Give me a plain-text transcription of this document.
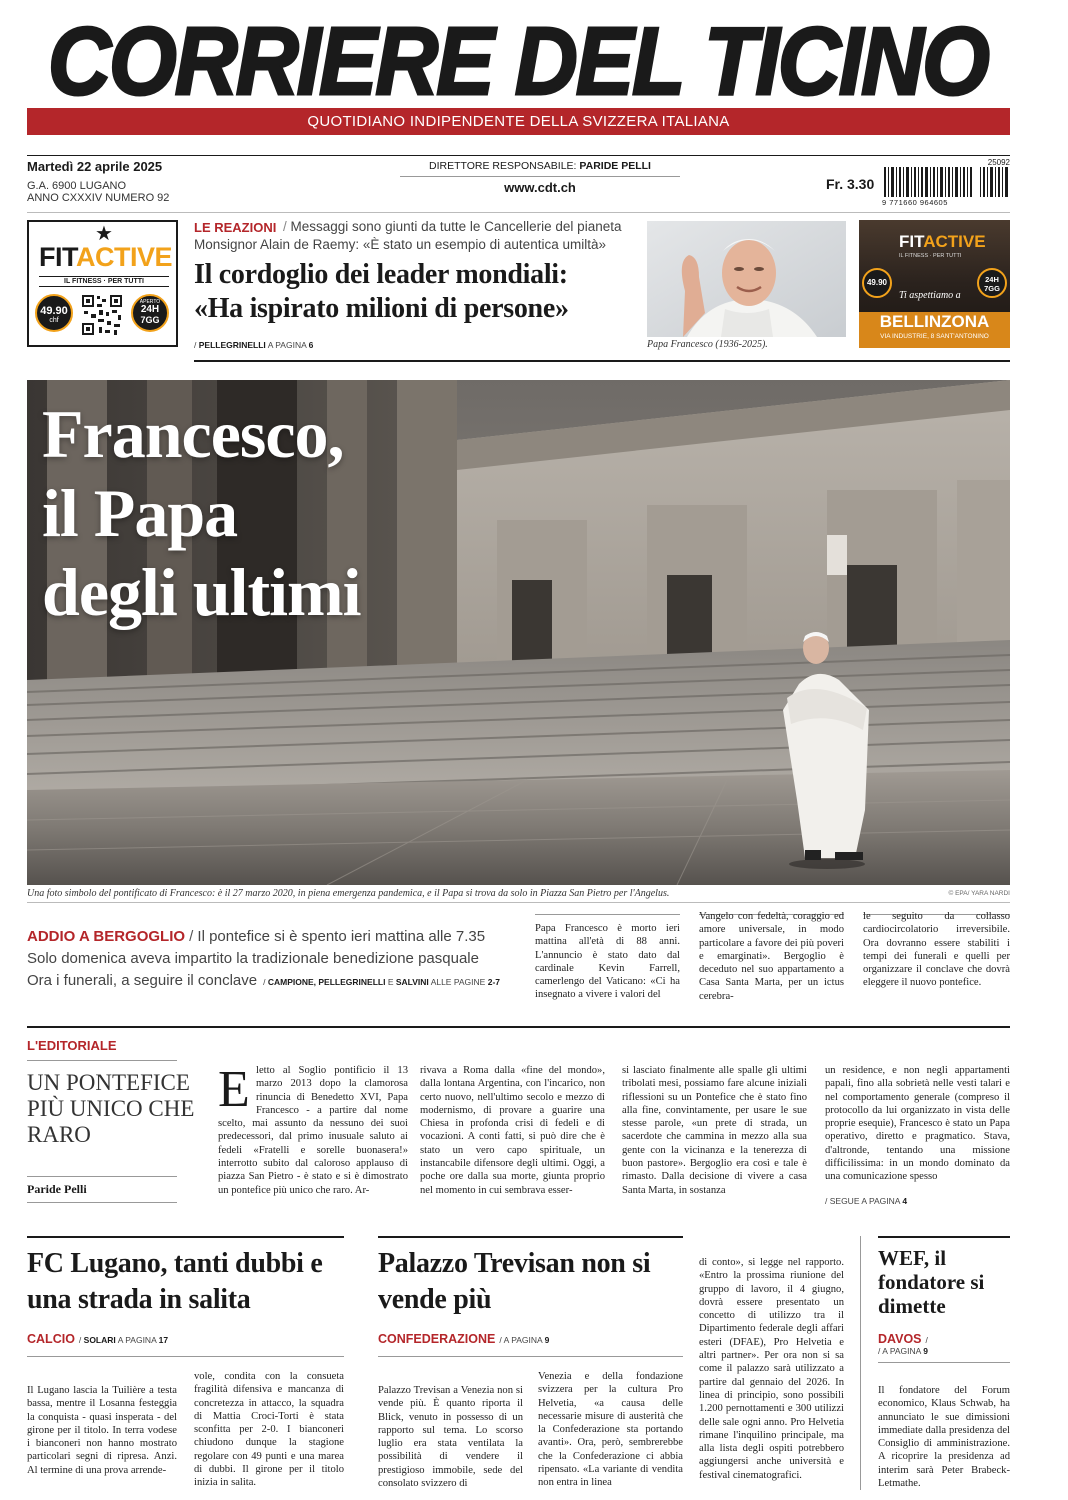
CORRIERE DEL TICINO
QUOTIDIANO INDIPENDENTE DELLA SVIZZERA ITALIANA
Martedì 22 aprile 2025
G.A. 6900 LUGANO
ANNO CXXXIV NUMERO 92
DIRETTORE RESPONSABILE: PARIDE PELLI
www.cdt.ch	Fr. 3.30
25092
9 771660 964605
★
FITACTIVE
IL FITNESS · PER TUTTI
49.90
chf
APERTO
24H
7GG
LE REAZIONI / Messaggi sono giunti da tutte le Cancellerie del pianeta
Monsignor Alain de Raemy: «È stato un esempio di autentica umiltà»
Il cordoglio dei leader mondiali:
«Ha ispirato milioni di persone»
/ PELLEGRINELLI A PAGINA 6	Papa Francesco (1936-2025).
FITACTIVE
IL FITNESS · PER TUTTI
49.90	24H
7GG
Ti aspettiamo a
BELLINZONA
VIA INDUSTRIE, 8 SANT'ANTONINO
Francesco,
il Papa
degli ultimi
Una foto simbolo del pontificato di Francesco: è il 27 marzo 2020, in piena emergenza pandemica, e il Papa si trova da solo in Piazza San Pietro per l'Angelus.	© EPA/ YARA NARDI
ADDIO A BERGOGLIO / Il pontefice si è spento ieri mattina alle 7.35
Solo domenica aveva impartito la tradizionale benedizione pasquale
Ora i funerali, a seguire il conclave / CAMPIONE, PELLEGRINELLI E SALVINI ALLE PAGINE 2-7
Papa Francesco è morto ieri mattina all'età di 88 anni. L'annuncio è stato dato dal cardinale Kevin Farrell, camerlengo del Vaticano: «Ci ha insegnato a vivere i valori del
Vangelo con fedeltà, coraggio ed amore universale, in modo particolare a favore dei più poveri e emarginati». Bergoglio è deceduto nel suo appartamento a Casa Santa Marta, per un ictus cerebra-
le seguito da collasso cardiocircolatorio irreversibile. Ora dovranno essere stabiliti i tempi dei funerali e quelli per organizzare il conclave che dovrà eleggere il nuovo pontefice.
L'EDITORIALE
UN PONTEFICE PIÙ UNICO CHE RARO
Paride Pelli
E letto al Soglio pontificio il 13 marzo 2013 dopo la clamorosa rinuncia di Benedetto XVI, Papa Francesco - a partire dal nome scelto, mai assunto da nessuno dei suoi predecessori, dal primo inusuale saluto ai fedeli «Fratelli e sorelle buonasera!» interrotto subito dal caloroso applauso di piazza San Pietro - è stato e si è dimostrato un pontefice più unico che raro. Ar-
rivava a Roma dalla «fine del mondo», dalla lontana Argentina, con l'incarico, non certo nuovo, nell'ultimo secolo e mezzo di modernismo, di provare a guarire una Chiesa in profonda crisi di fedeli e di vocazioni. A conti fatti, si può dire che è stato un vero capo spirituale, un instancabile difensore degli ultimi. Oggi, a poche ore dalla sua morte, giunta proprio nel momento in cui sembrava esser-
si lasciato finalmente alle spalle gli ultimi tribolati mesi, possiamo fare alcune iniziali riflessioni su un Pontefice che è stato fino alla fine, convintamente, per usare le sue stesse parole, «un prete di strada, un sacerdote che cammina in mezzo alla sua gente con la vicinanza e la tenerezza di buon pastore». Bergoglio era così e tale è rimasto. Dalla decisione di vivere a casa Santa Marta, in sostanza
un residence, e non negli appartamenti papali, fino alla sobrietà nelle vesti talari e nel comportamento generale (compreso il protocollo da lui organizzato in vista delle proprie esequie), Francesco è stato un Papa operativo, diretto e pragmatico. Stava, d'altronde, tentando una missione difficilissima: in un mondo dominato da una comunicazione spesso
/ SEGUE A PAGINA 4
FC Lugano, tanti dubbi e una strada in salita
CALCIO / SOLARI A PAGINA 17
Il Lugano lascia la Tuilière a testa bassa, mentre il Losanna festeggia la conquista - quasi insperata - del girone per il titolo. In terra vodese i bianconeri non hanno mostrato particolari segni di ripresa. Anzi. Al termine di una prova arrende-
vole, condita con la consueta fragilità difensiva e mancanza di concretezza in attacco, la squadra di Mattia Croci-Torti è stata sconfitta per 2-0. I bianconeri chiudono dunque la stagione regolare con 49 punti e una marea di dubbi. Il girone per il titolo inizia in salita.
Palazzo Trevisan non si vende più
CONFEDERAZIONE / A PAGINA 9
Palazzo Trevisan a Venezia non si vende più. È quanto riporta il Blick, venuto in possesso di un rapporto sul tema. Lo scorso luglio era stata ventilata la possibilità di vendere il prestigioso immobile, sede del consolato svizzero di
Venezia e della fondazione svizzera per la cultura Pro Helvetia, «a causa delle necessarie misure di austerità che la Confederazione sta portando avanti». Ora, però, sembrerebbe che la Confederazione ci abbia ripensato. «La variante di vendita non entra in linea
di conto», si legge nel rapporto. «Entro la prossima riunione del gruppo di lavoro, il 4 giugno, dovrà essere presentato un concetto di utilizzo tra il Dipartimento federale degli affari esteri (DFAE), Pro Helvetia e altri partner». Per ora non si sa come il palazzo sarà utilizzato a partire dal gennaio del 2026. In linea di principio, sono possibili 1.200 pernottamenti e 300 utilizzi delle sale ogni anno. Pro Helvetia rimane l'inquilino principale, ma alla lista degli ospiti potrebbero aggiungersi anche università e festival cinematografici.
WEF, il fondatore si dimette
DAVOS /
/ A PAGINA 9
Il fondatore del Forum economico, Klaus Schwab, ha annunciato le sue dimissioni immediate dalla presidenza del Consiglio di amministrazione. A ricoprire la presidenza ad interim sarà Peter Brabeck-Letmathe.
